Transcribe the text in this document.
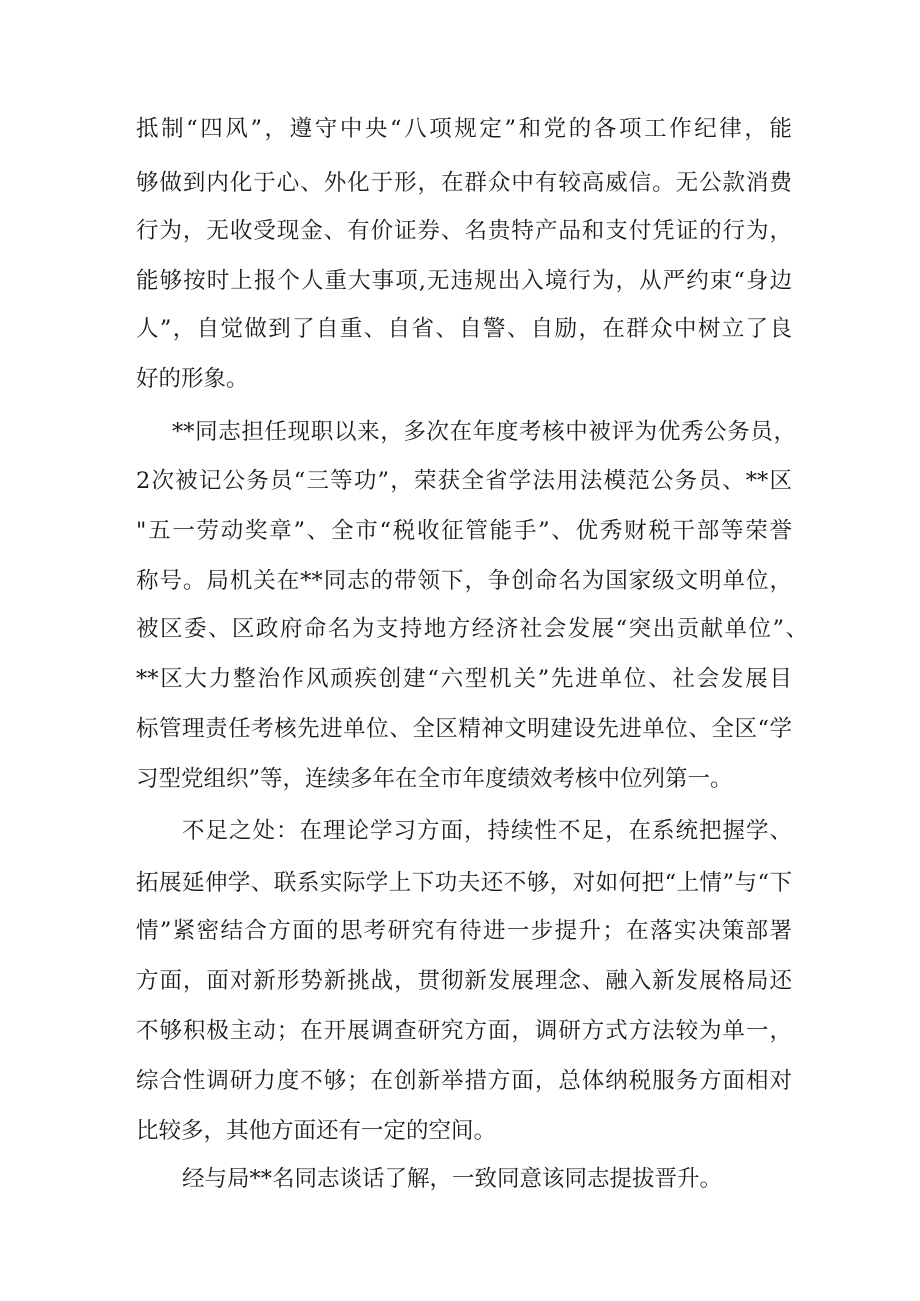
抵制“四风”，遵守中央“八项规定”和党的各项工作纪律，能
够做到内化于心、外化于形，在群众中有较高威信。无公款消费
行为，无收受现金、有价证券、名贵特产品和支付凭证的行为，
能够按时上报个人重大事项,无违规出入境行为，从严约束“身边
人”，自觉做到了自重、自省、自警、自励，在群众中树立了良
好的形象。
**同志担任现职以来，多次在年度考核中被评为优秀公务员，
2次被记公务员“三等功”，荣获全省学法用法模范公务员、**区
"五一劳动奖章”、全市“税收征管能手”、优秀财税干部等荣誉
称号。局机关在**同志的带领下，争创命名为国家级文明单位，
被区委、区政府命名为支持地方经济社会发展“突出贡献单位”、
**区大力整治作风顽疾创建“六型机关”先进单位、社会发展目
标管理责任考核先进单位、全区精神文明建设先进单位、全区“学
习型党组织”等，连续多年在全市年度绩效考核中位列第一。
不足之处：在理论学习方面，持续性不足，在系统把握学、
拓展延伸学、联系实际学上下功夫还不够，对如何把“上情”与“下
情”紧密结合方面的思考研究有待进一步提升；在落实决策部署
方面，面对新形势新挑战，贯彻新发展理念、融入新发展格局还
不够积极主动；在开展调查研究方面，调研方式方法较为单一，
综合性调研力度不够；在创新举措方面，总体纳税服务方面相对
比较多，其他方面还有一定的空间。
经与局**名同志谈话了解，一致同意该同志提拔晋升。
